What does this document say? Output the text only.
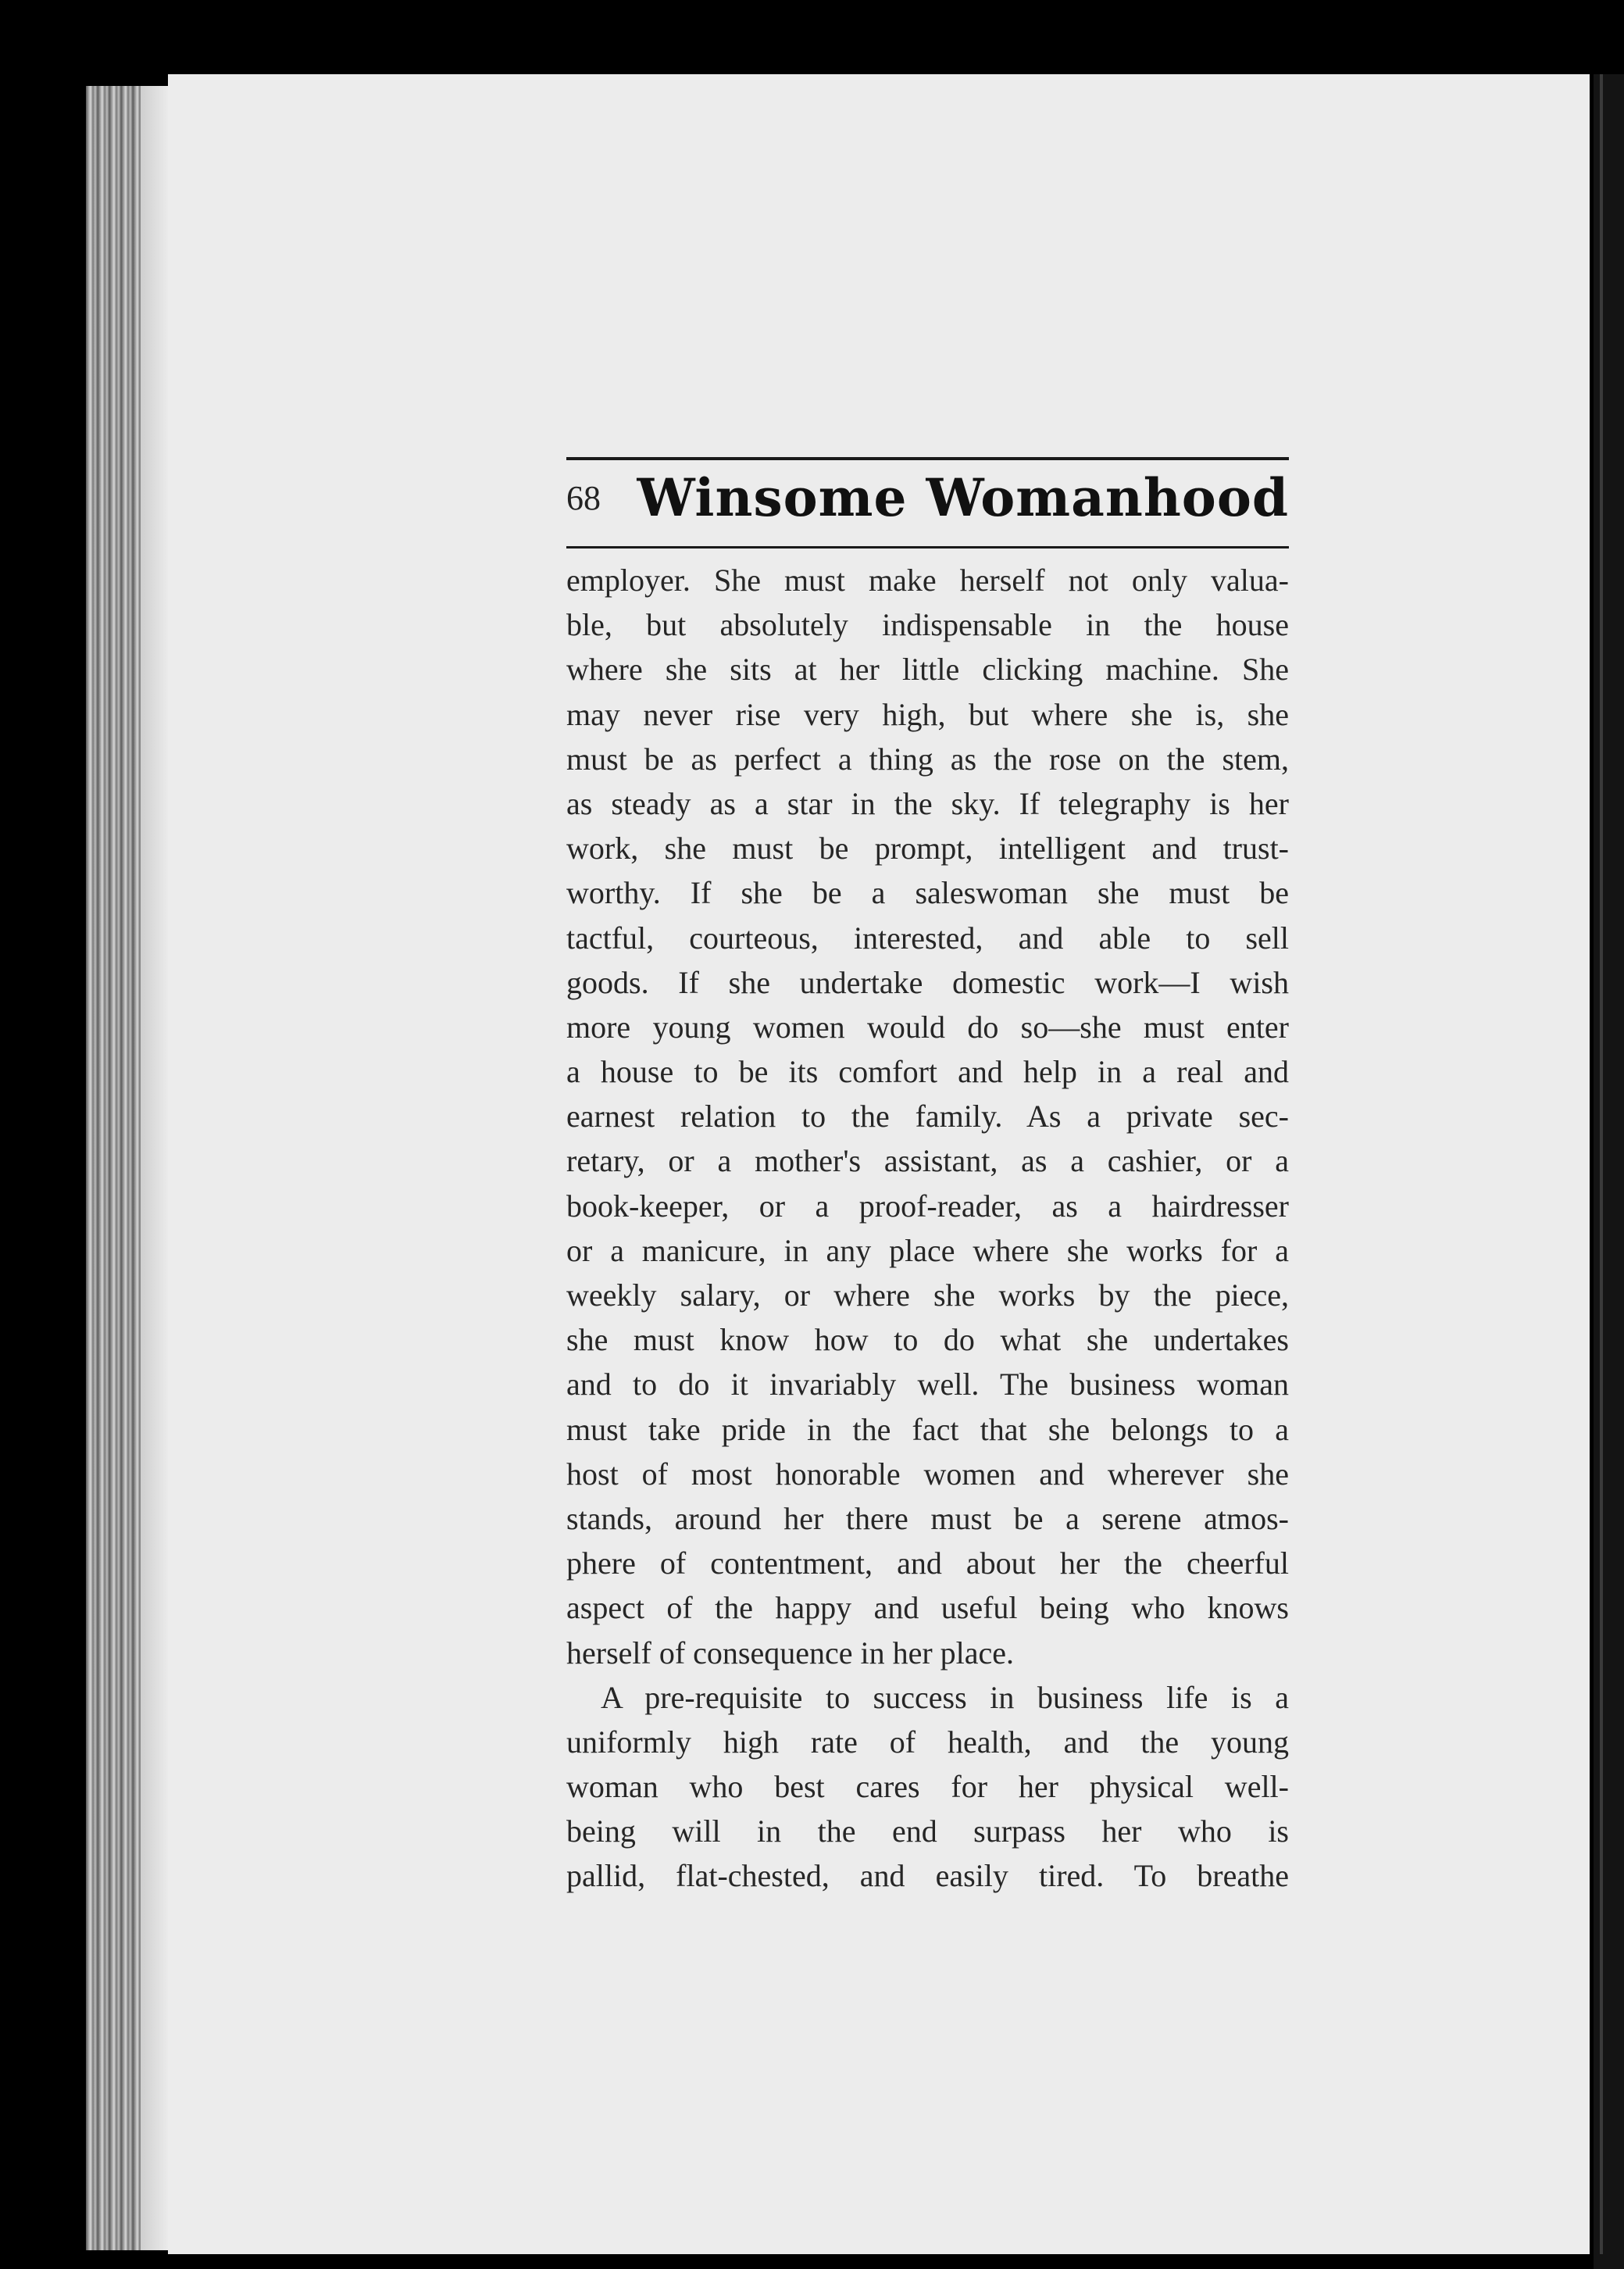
68 Winsome Womanhood
employer. She must make herself not only valua-
ble, but absolutely indispensable in the house
where she sits at her little clicking machine. She
may never rise very high, but where she is, she
must be as perfect a thing as the rose on the stem,
as steady as a star in the sky. If telegraphy is her
work, she must be prompt, intelligent and trust-
worthy. If she be a saleswoman she must be
tactful, courteous, interested, and able to sell
goods. If she undertake domestic work—I wish
more young women would do so—she must enter
a house to be its comfort and help in a real and
earnest relation to the family. As a private sec-
retary, or a mother's assistant, as a cashier, or a
book-keeper, or a proof-reader, as a hairdresser
or a manicure, in any place where she works for a
weekly salary, or where she works by the piece,
she must know how to do what she undertakes
and to do it invariably well. The business woman
must take pride in the fact that she belongs to a
host of most honorable women and wherever she
stands, around her there must be a serene atmos-
phere of contentment, and about her the cheerful
aspect of the happy and useful being who knows
herself of consequence in her place.
A pre-requisite to success in business life is a
uniformly high rate of health, and the young
woman who best cares for her physical well-
being will in the end surpass her who is
pallid, flat-chested, and easily tired. To breathe
